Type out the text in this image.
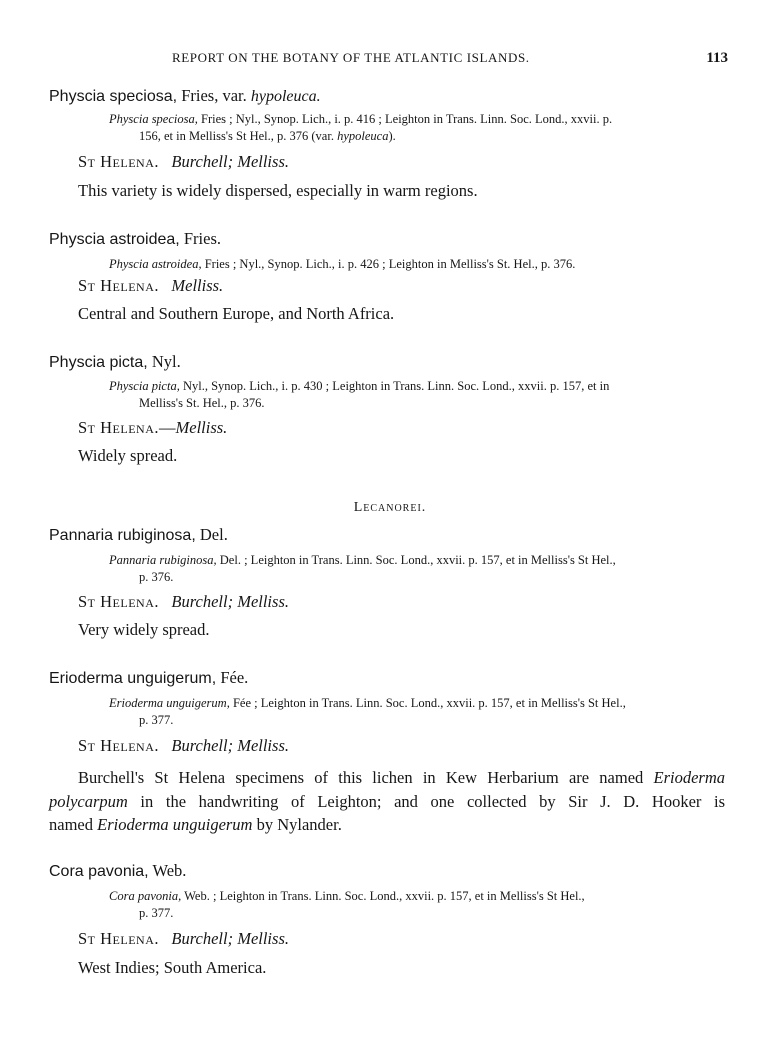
REPORT ON THE BOTANY OF THE ATLANTIC ISLANDS.	113
Physcia speciosa, Fries, var. hypoleuca.
Physcia speciosa, Fries ; Nyl., Synop. Lich., i. p. 416 ; Leighton in Trans. Linn. Soc. Lond., xxvii. p.
156, et in Melliss's St Hel., p. 376 (var. hypoleuca).
St Helena. Burchell; Melliss.
This variety is widely dispersed, especially in warm regions.
Physcia astroidea, Fries.
Physcia astroidea, Fries ; Nyl., Synop. Lich., i. p. 426 ; Leighton in Melliss's St. Hel., p. 376.
St Helena. Melliss.
Central and Southern Europe, and North Africa.
Physcia picta, Nyl.
Physcia picta, Nyl., Synop. Lich., i. p. 430 ; Leighton in Trans. Linn. Soc. Lond., xxvii. p. 157, et in
Melliss's St. Hel., p. 376.
St Helena.—Melliss.
Widely spread.
Lecanorei.
Pannaria rubiginosa, Del.
Pannaria rubiginosa, Del. ; Leighton in Trans. Linn. Soc. Lond., xxvii. p. 157, et in Melliss's St Hel.,
p. 376.
St Helena. Burchell; Melliss.
Very widely spread.
Erioderma unguigerum, Fée.
Erioderma unguigerum, Fée ; Leighton in Trans. Linn. Soc. Lond., xxvii. p. 157, et in Melliss's St Hel.,
p. 377.
St Helena. Burchell; Melliss.
Burchell's St Helena specimens of this lichen in Kew Herbarium are named Erioderma
polycarpum in the handwriting of Leighton; and one collected by Sir J. D. Hooker is
named Erioderma unguigerum by Nylander.
Cora pavonia, Web.
Cora pavonia, Web. ; Leighton in Trans. Linn. Soc. Lond., xxvii. p. 157, et in Melliss's St Hel.,
p. 377.
St Helena. Burchell; Melliss.
West Indies; South America.
